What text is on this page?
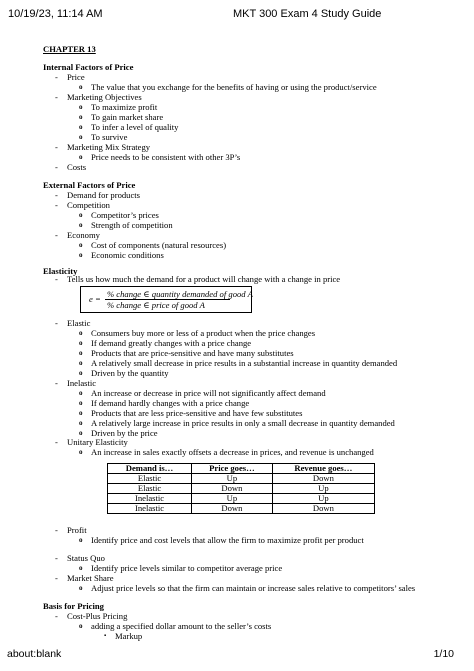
10/19/23, 11:14 AM	MKT 300 Exam 4 Study Guide
CHAPTER 13
Internal Factors of Price
- Price
o The value that you exchange for the benefits of having or using the product/service
- Marketing Objectives
o To maximize profit
o To gain market share
o To infer a level of quality
o To survive
- Marketing Mix Strategy
o Price needs to be consistent with other 3P’s
- Costs
External Factors of Price
- Demand for products
- Competition
o Competitor’s prices
o Strength of competition
- Economy
o Cost of components (natural resources)
o Economic conditions
Elasticity
- Tells us how much the demand for a product will change with a change in price
e = % change ∈ quantity demanded of good A
% change ∈ price of good A
- Elastic
o Consumers buy more or less of a product when the price changes
o If demand greatly changes with a price change
o Products that are price-sensitive and have many substitutes
o A relatively small decrease in price results in a substantial increase in quantity demanded
o Driven by the quantity
- Inelastic
o An increase or decrease in price will not significantly affect demand
o If demand hardly changes with a price change
o Products that are less price-sensitive and have few substitutes
o A relatively large increase in price results in only a small decrease in quantity demanded
o Driven by the price
- Unitary Elasticity
o An increase in sales exactly offsets a decrease in prices, and revenue is unchanged
Demand is…	Price goes…	Revenue goes…
Elastic	Up	Down
Elastic	Down	Up
Inelastic	Up	Up
Inelastic	Down	Down
- Profit
o Identify price and cost levels that allow the firm to maximize profit per product
- Status Quo
o Identify price levels similar to competitor average price
- Market Share
o Adjust price levels so that the firm can maintain or increase sales relative to competitors’ sales
Basis for Pricing
- Cost-Plus Pricing
o adding a specified dollar amount to the seller’s costs
▪ Markup
about:blank	1/10
